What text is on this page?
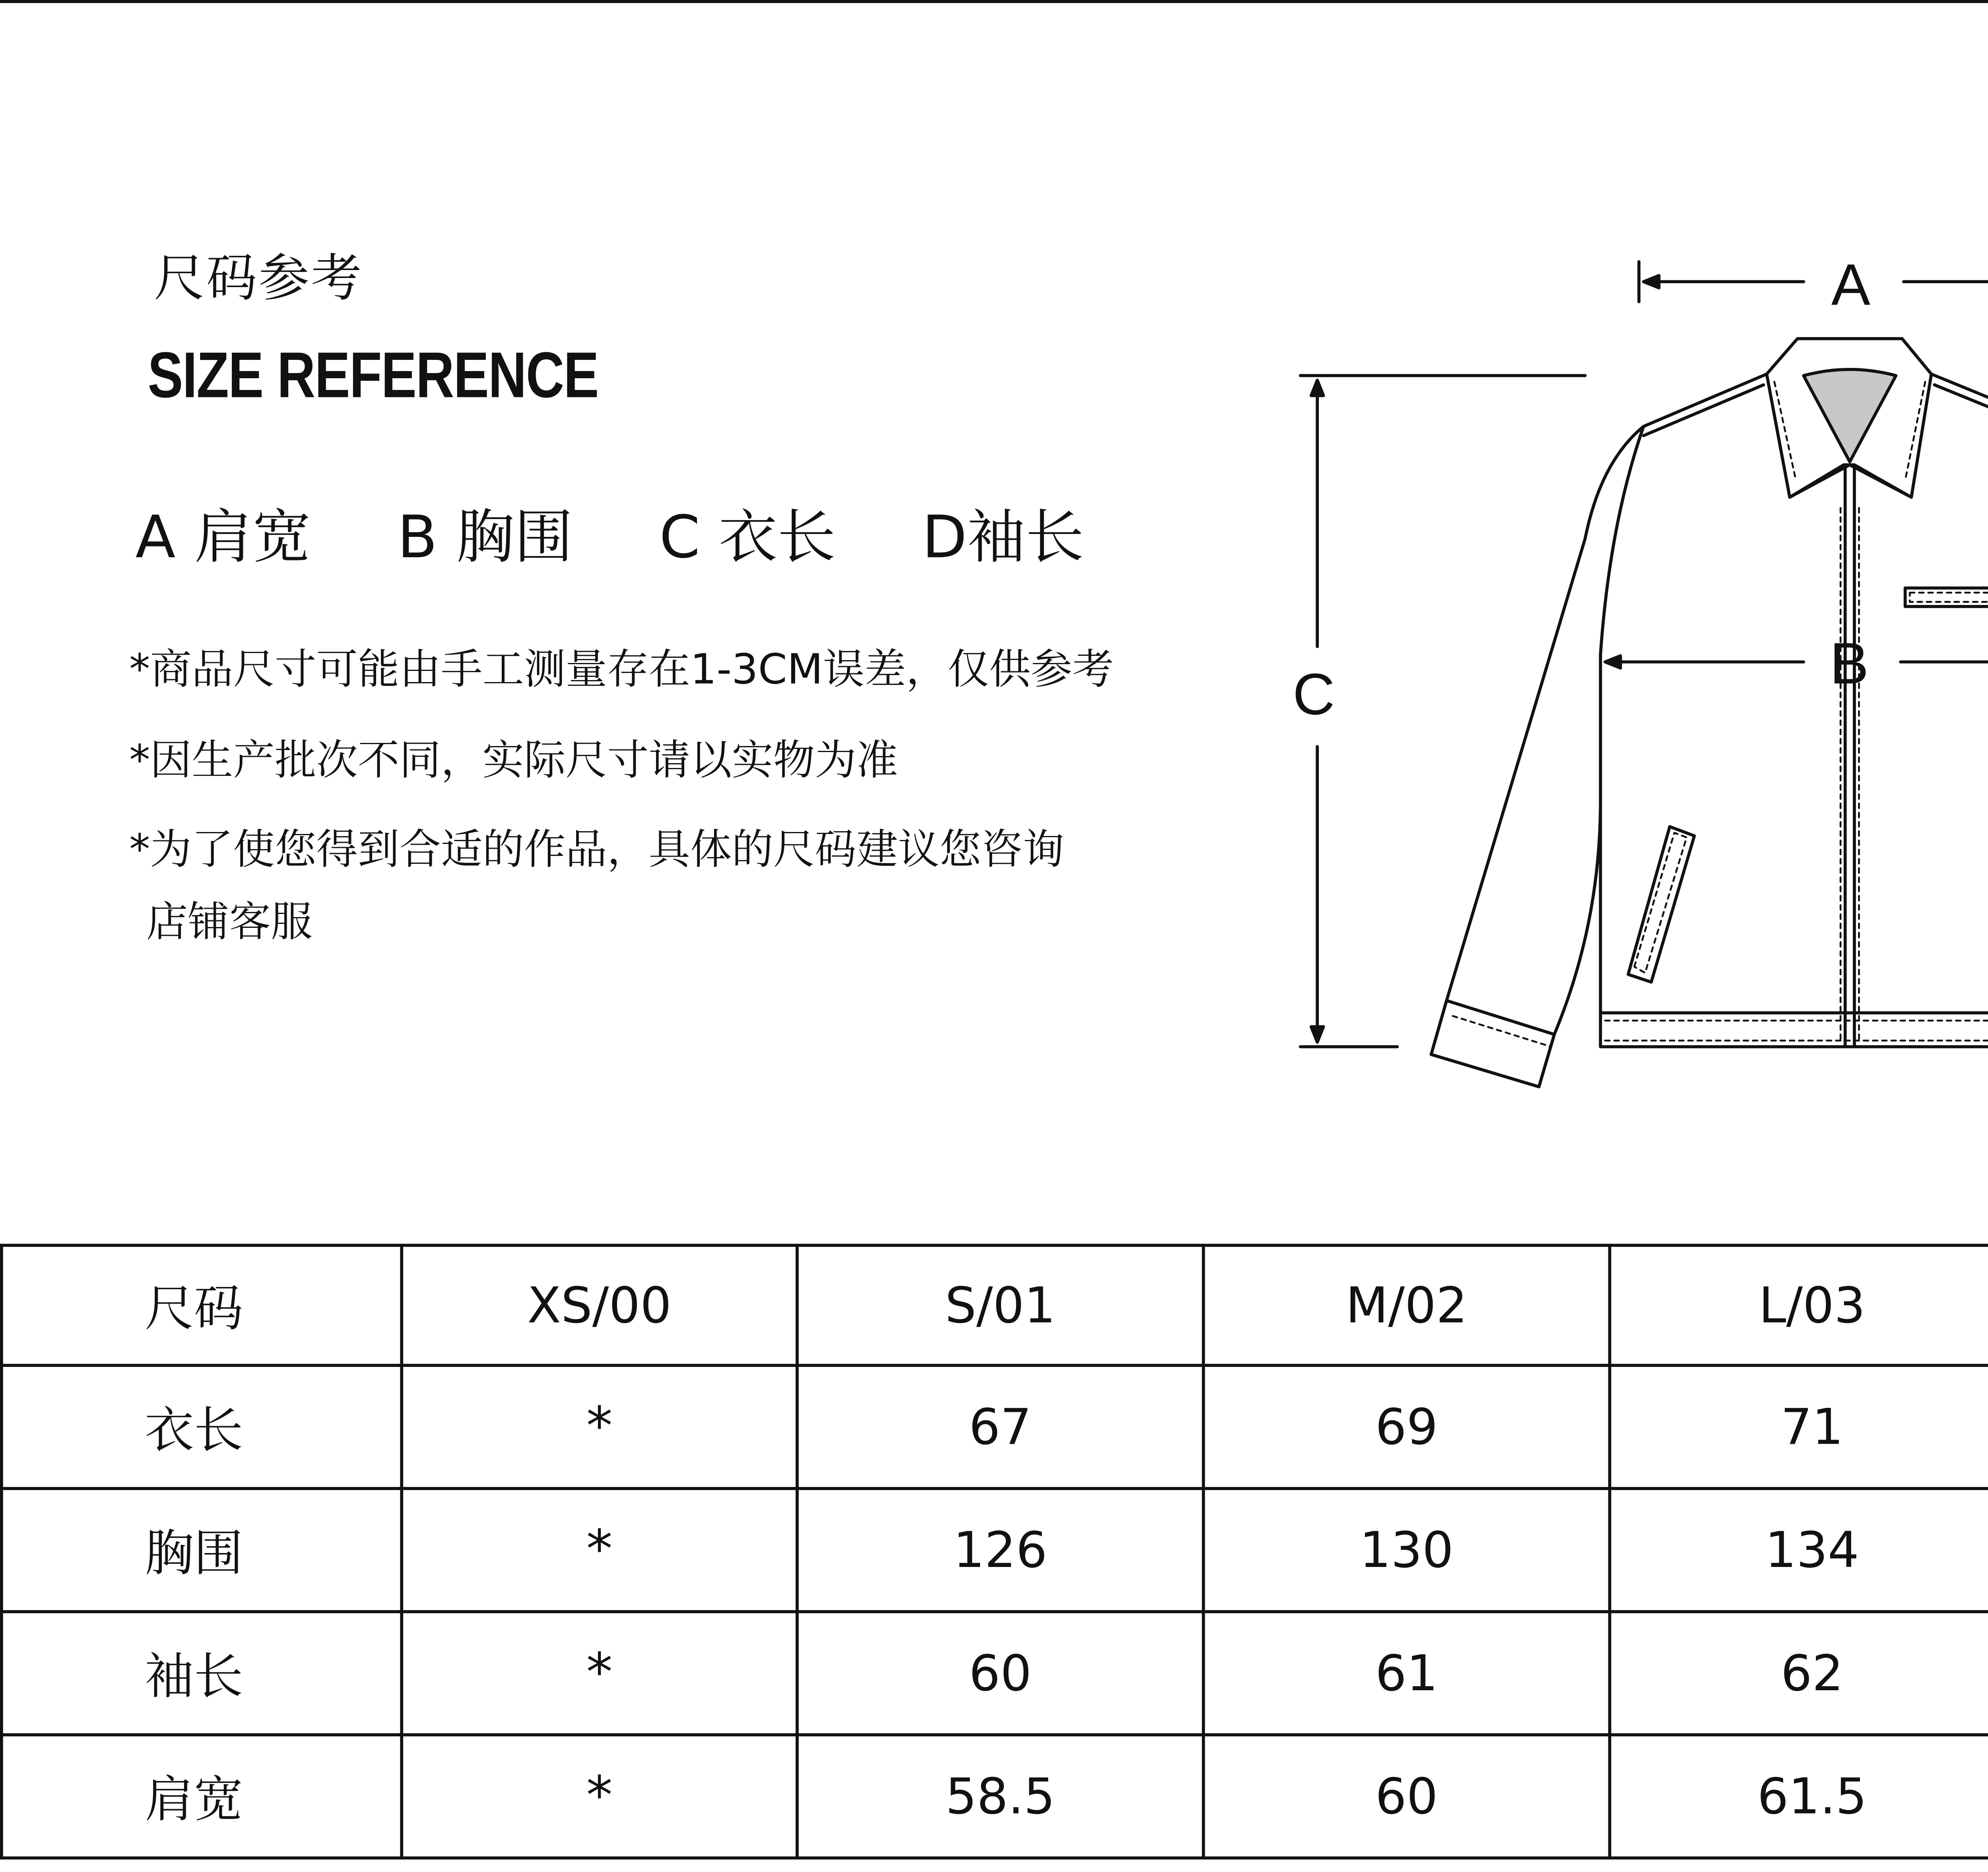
尺码参考
SIZE REFERENCE
A 肩宽	B 胸围	C 衣长	D袖长
*商品尺寸可能由手工测量存在1-3CM误差，仅供参考
*因生产批次不同，实际尺寸请以实物为准
*为了使您得到合适的作品，具体的尺码建议您咨询
店铺客服
A
B
C
尺码	XS/00	S/01	M/02	L/03	
衣长	*	67	69	71	
胸围	*	126	130	134	
袖长	*	60	61	62	
肩宽	*	58.5	60	61.5	
